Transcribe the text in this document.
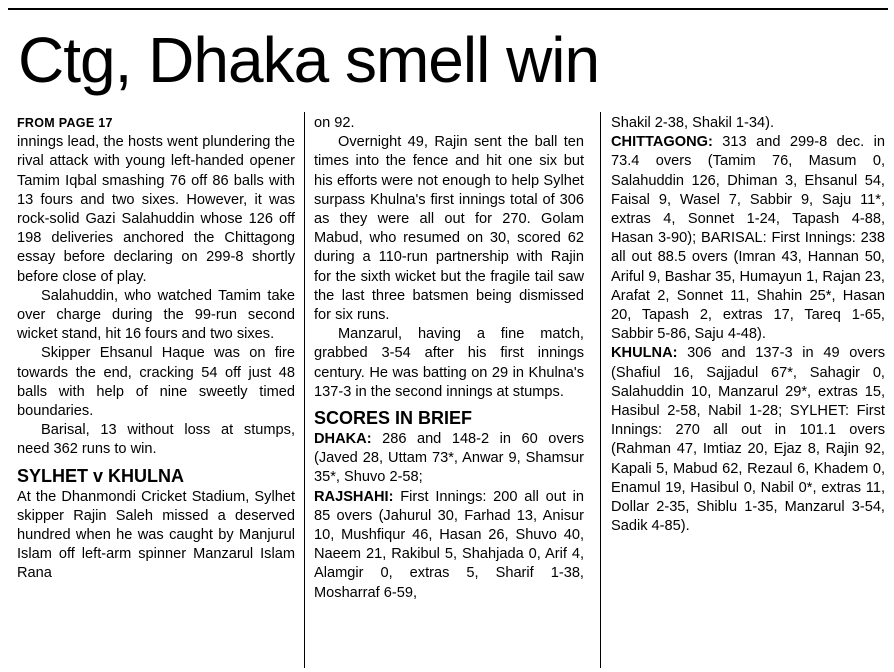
Ctg, Dhaka smell win
FROM PAGE 17

innings lead, the hosts went plundering the rival attack with young left-handed opener Tamim Iqbal smashing 76 off 86 balls with 13 fours and two sixes. However, it was rock-solid Gazi Salahuddin whose 126 off 198 deliveries anchored the Chittagong essay before declaring on 299-8 shortly before close of play.

Salahuddin, who watched Tamim take over charge during the 99-run second wicket stand, hit 16 fours and two sixes.

Skipper Ehsanul Haque was on fire towards the end, cracking 54 off just 48 balls with help of nine sweetly timed boundaries.

Barisal, 13 without loss at stumps, need 362 runs to win.

SYLHET v KHULNA

At the Dhanmondi Cricket Stadium, Sylhet skipper Rajin Saleh missed a deserved hundred when he was caught by Manjurul Islam off left-arm spinner Manzarul Islam Rana

on 92.

Overnight 49, Rajin sent the ball ten times into the fence and hit one six but his efforts were not enough to help Sylhet surpass Khulna's first innings total of 306 as they were all out for 270. Golam Mabud, who resumed on 30, scored 62 during a 110-run partnership with Rajin for the sixth wicket but the fragile tail saw the last three batsmen being dismissed for six runs.

Manzarul, having a fine match, grabbed 3-54 after his first innings century. He was batting on 29 in Khulna's 137-3 in the second innings at stumps.

SCORES IN BRIEF

DHAKA: 286 and 148-2 in 60 overs (Javed 28, Uttam 73*, Anwar 9, Shamsur 35*, Shuvo 2-58;

RAJSHAHI: First Innings: 200 all out in 85 overs (Jahurul 30, Farhad 13, Anisur 10, Mushfiqur 46, Hasan 26, Shuvo 40, Naeem 21, Rakibul 5, Shahjada 0, Arif 4, Alamgir 0, extras 5, Sharif 1-38, Mosharraf 6-59,

Shakil 2-38, Shakil 1-34).

CHITTAGONG: 313 and 299-8 dec. in 73.4 overs (Tamim 76, Masum 0, Salahuddin 126, Dhiman 3, Ehsanul 54, Faisal 9, Wasel 7, Sabbir 9, Saju 11*, extras 4, Sonnet 1-24, Tapash 4-88, Hasan 3-90); BARISAL: First Innings: 238 all out 88.5 overs (Imran 43, Hannan 50, Ariful 9, Bashar 35, Humayun 1, Rajan 23, Arafat 2, Sonnet 11, Shahin 25*, Hasan 20, Tapash 2, extras 17, Tareq 1-65, Sabbir 5-86, Saju 4-48).

KHULNA: 306 and 137-3 in 49 overs (Shafiul 16, Sajjadul 67*, Sahagir 0, Salahuddin 10, Manzarul 29*, extras 15, Hasibul 2-58, Nabil 1-28; SYLHET: First Innings: 270 all out in 101.1 overs (Rahman 47, Imtiaz 20, Ejaz 8, Rajin 92, Kapali 5, Mabud 62, Rezaul 6, Khadem 0, Enamul 19, Hasibul 0, Nabil 0*, extras 11, Dollar 2-35, Shiblu 1-35, Manzarul 3-54, Sadik 4-85).
